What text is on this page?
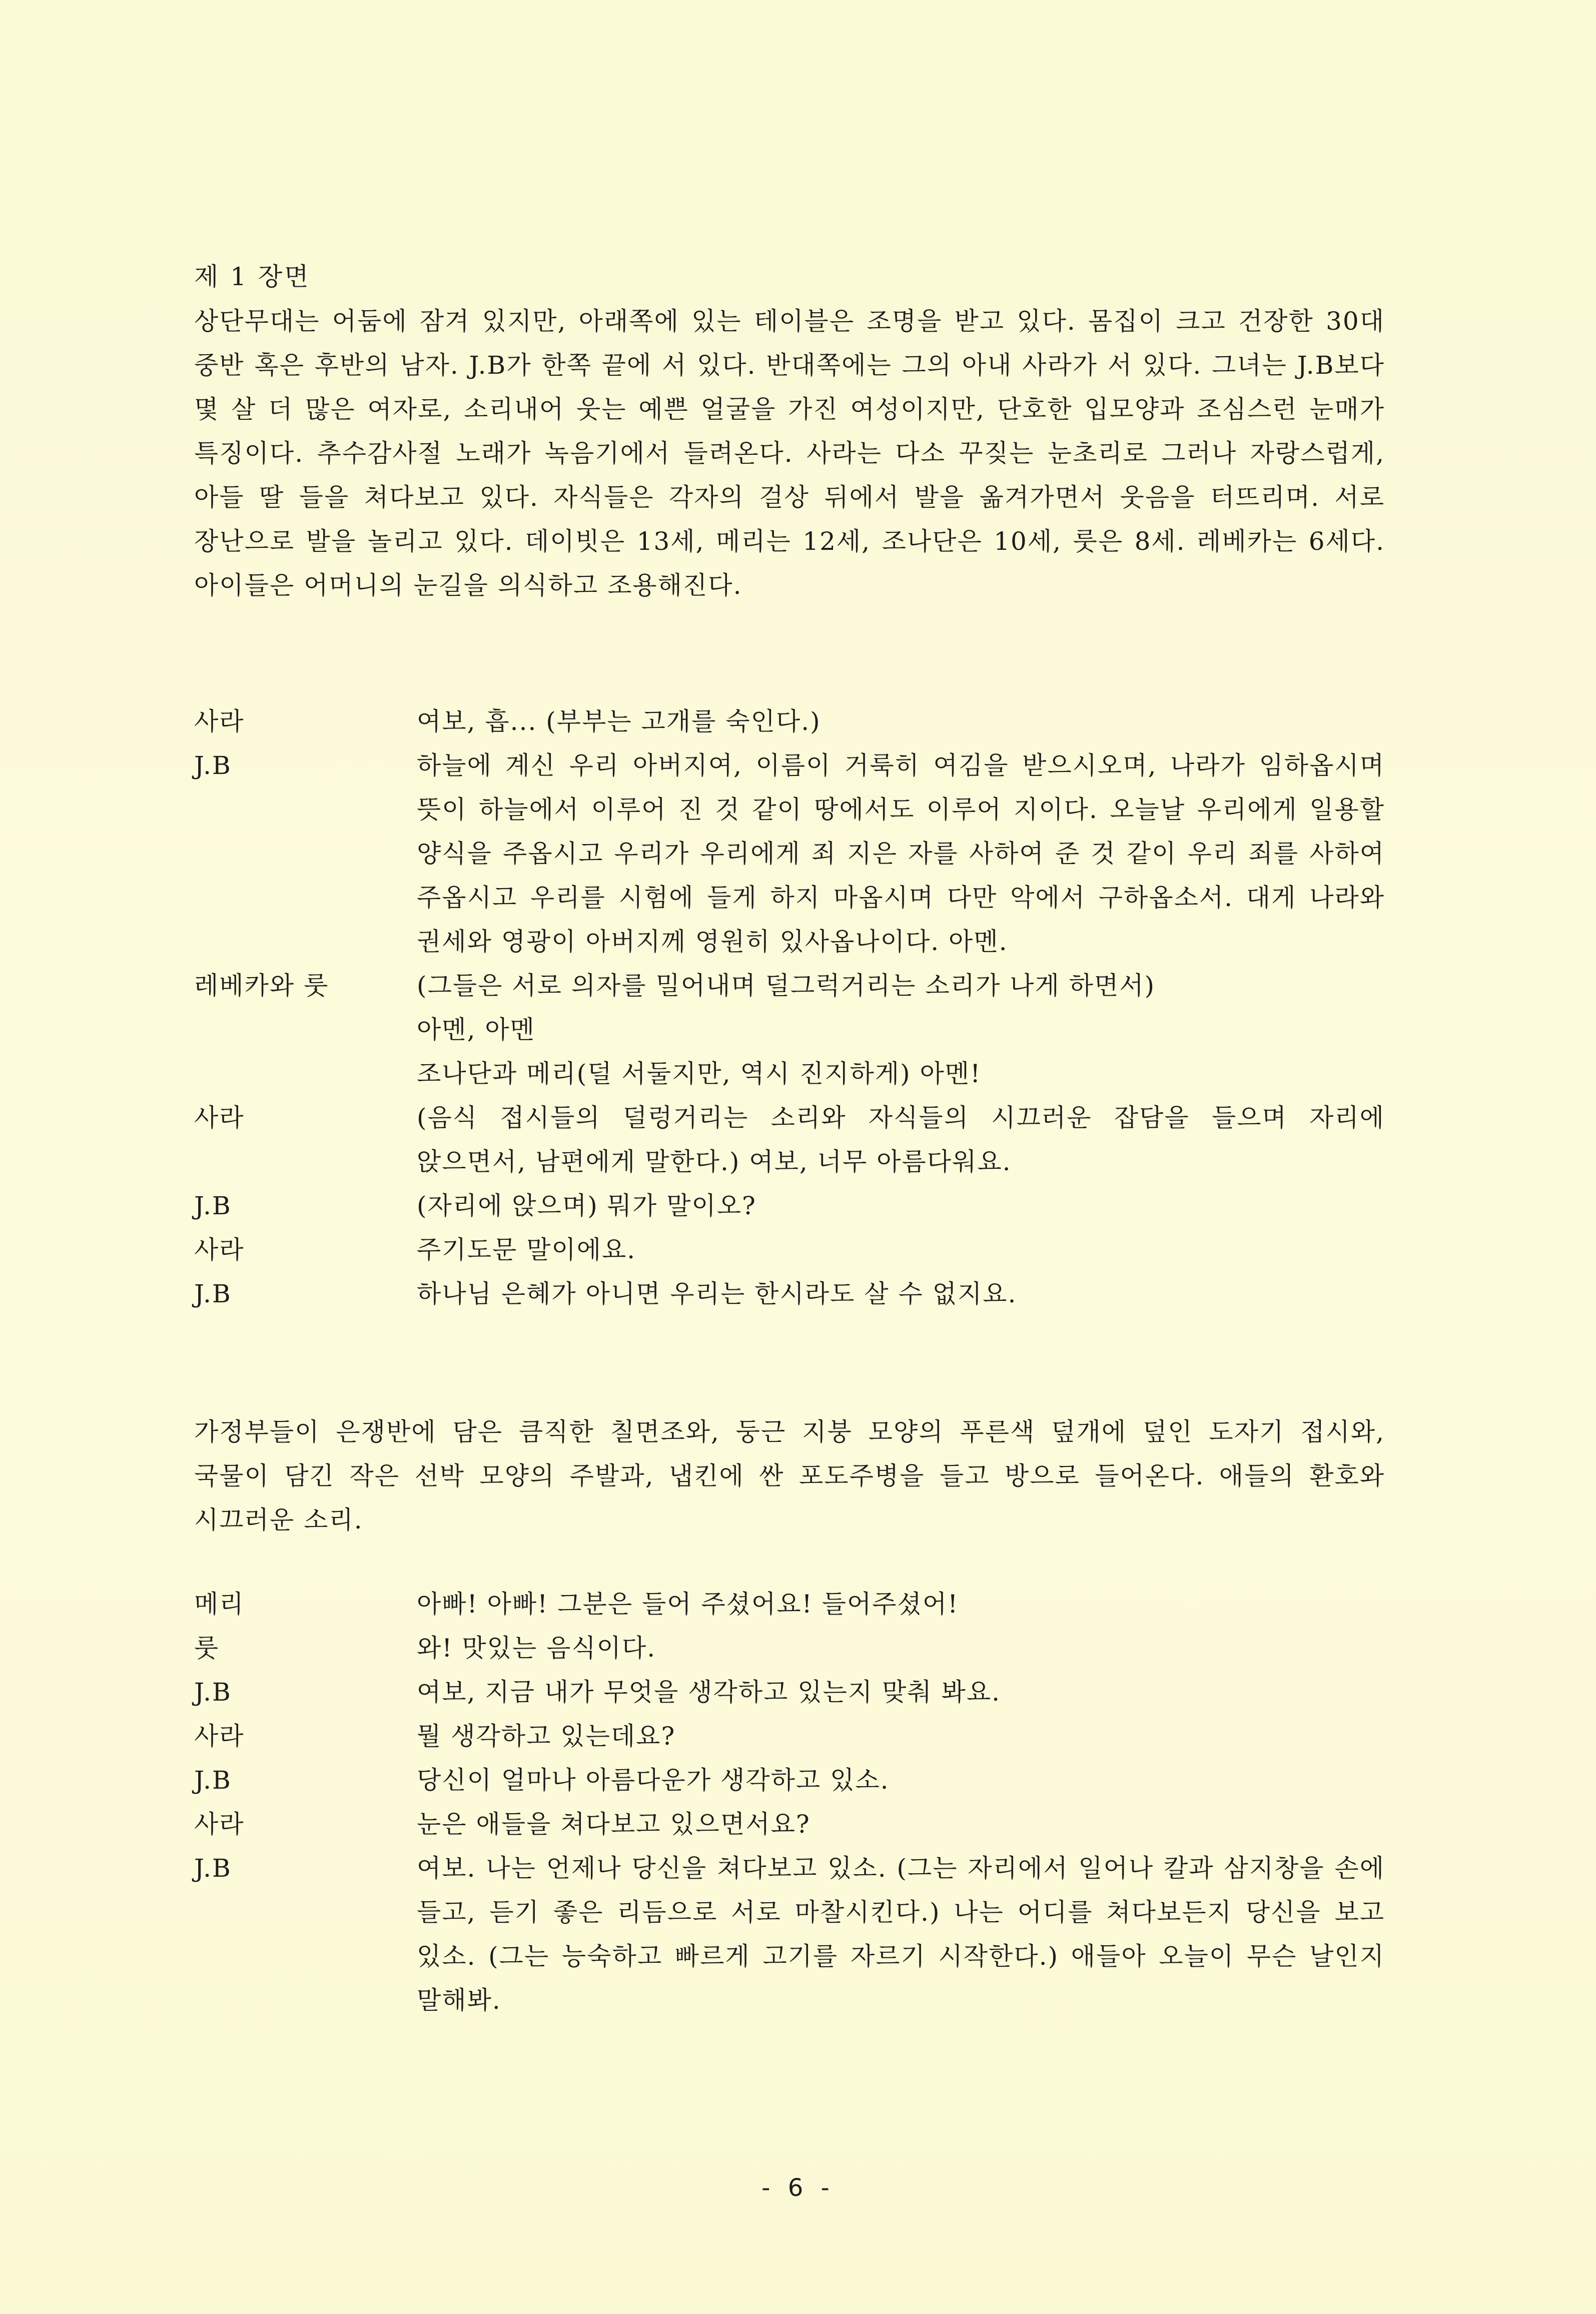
제 1 장면
상단무대는 어둠에 잠겨 있지만, 아래쪽에 있는 테이블은 조명을 받고 있다. 몸집이 크고 건장한 30대 중반 혹은 후반의 남자. J.B가 한쪽 끝에 서 있다. 반대쪽에는 그의 아내 사라가 서 있다. 그녀는 J.B보다 몇 살 더 많은 여자로, 소리내어 웃는 예쁜 얼굴을 가진 여성이지만, 단호한 입모양과 조심스런 눈매가 특징이다. 추수감사절 노래가 녹음기에서 들려온다. 사라는 다소 꾸짖는 눈초리로 그러나 자랑스럽게, 아들 딸 들을 쳐다보고 있다. 자식들은 각자의 걸상 뒤에서 발을 옮겨가면서 웃음을 터뜨리며. 서로 장난으로 발을 놀리고 있다. 데이빗은 13세, 메리는 12세, 조나단은 10세, 룻은 8세. 레베카는 6세다. 아이들은 어머니의 눈길을 의식하고 조용해진다.
사라	여보, 흡... (부부는 고개를 숙인다.)
J.B	하늘에 계신 우리 아버지여, 이름이 거룩히 여김을 받으시오며, 나라가 임하옵시며 뜻이 하늘에서 이루어 진 것 같이 땅에서도 이루어 지이다. 오늘날 우리에게 일용할 양식을 주옵시고 우리가 우리에게 죄 지은 자를 사하여 준 것 같이 우리 죄를 사하여 주옵시고 우리를 시험에 들게 하지 마옵시며 다만 악에서 구하옵소서. 대게 나라와 권세와 영광이 아버지께 영원히 있사옵나이다. 아멘.
레베카와 룻	(그들은 서로 의자를 밀어내며 덜그럭거리는 소리가 나게 하면서)
아멘, 아멘
조나단과 메리(덜 서둘지만, 역시 진지하게) 아멘!
사라	(음식 접시들의 덜렁거리는 소리와 자식들의 시끄러운 잡담을 들으며 자리에 앉으면서, 남편에게 말한다.) 여보, 너무 아름다워요.
J.B	(자리에 앉으며) 뭐가 말이오?
사라	주기도문 말이에요.
J.B	하나님 은혜가 아니면 우리는 한시라도 살 수 없지요.
가정부들이 은쟁반에 담은 큼직한 칠면조와, 둥근 지붕 모양의 푸른색 덮개에 덮인 도자기 접시와, 국물이 담긴 작은 선박 모양의 주발과, 냅킨에 싼 포도주병을 들고 방으로 들어온다. 애들의 환호와 시끄러운 소리.
메리	아빠! 아빠! 그분은 들어 주셨어요! 들어주셨어!
룻	와! 맛있는 음식이다.
J.B	여보, 지금 내가 무엇을 생각하고 있는지 맞춰 봐요.
사라	뭘 생각하고 있는데요?
J.B	당신이 얼마나 아름다운가 생각하고 있소.
사라	눈은 애들을 쳐다보고 있으면서요?
J.B	여보. 나는 언제나 당신을 쳐다보고 있소. (그는 자리에서 일어나 칼과 삼지창을 손에 들고, 듣기 좋은 리듬으로 서로 마찰시킨다.) 나는 어디를 쳐다보든지 당신을 보고 있소. (그는 능숙하고 빠르게 고기를 자르기 시작한다.) 애들아 오늘이 무슨 날인지 말해봐.
- 6 -
